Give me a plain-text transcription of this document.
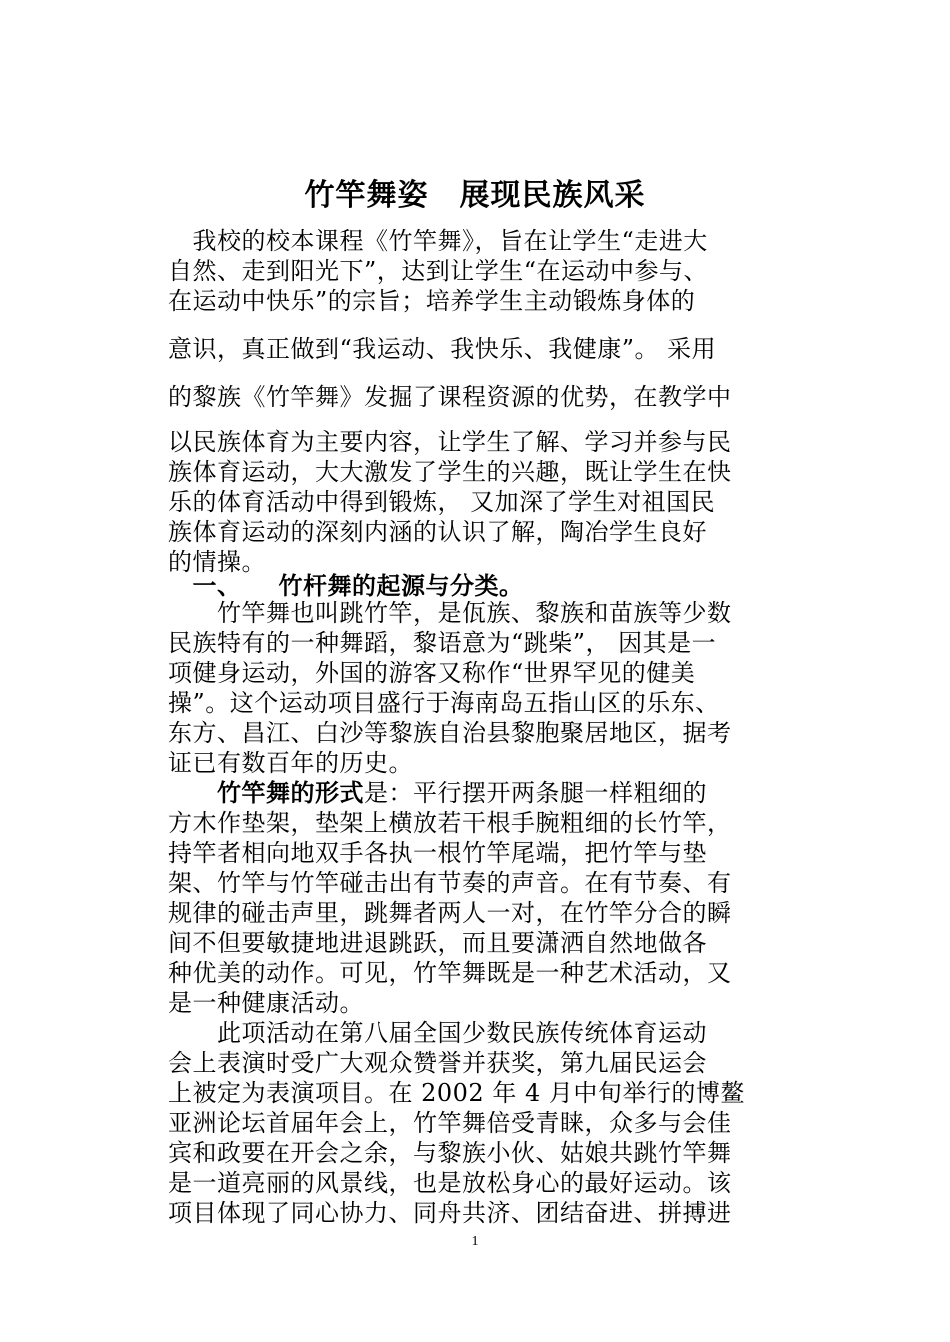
竹竿舞姿　展现民族风采
　我校的校本课程《竹竿舞》，旨在让学生“走进大
自然、走到阳光下”，达到让学生“在运动中参与、
在运动中快乐”的宗旨；培养学生主动锻炼身体的
意识，真正做到“我运动、我快乐、我健康”。 采用
的黎族《竹竿舞》发掘了课程资源的优势，在教学中
以民族体育为主要内容，让学生了解、学习并参与民
族体育运动，大大激发了学生的兴趣，既让学生在快
乐的体育活动中得到锻炼， 又加深了学生对祖国民
族体育运动的深刻内涵的认识了解，陶冶学生良好
的情操。
　一、　　竹杆舞的起源与分类。
　　竹竿舞也叫跳竹竿，是佤族、黎族和苗族等少数
民族特有的一种舞蹈，黎语意为“跳柴”， 因其是一
项健身运动，外国的游客又称作“世界罕见的健美
操”。这个运动项目盛行于海南岛五指山区的乐东、
东方、昌江、白沙等黎族自治县黎胞聚居地区，据考
证已有数百年的历史。
　　竹竿舞的形式是：平行摆开两条腿一样粗细的
方木作垫架，垫架上横放若干根手腕粗细的长竹竿，
持竿者相向地双手各执一根竹竿尾端，把竹竿与垫
架、竹竿与竹竿碰击出有节奏的声音。在有节奏、有
规律的碰击声里，跳舞者两人一对，在竹竿分合的瞬
间不但要敏捷地进退跳跃，而且要潇洒自然地做各
种优美的动作。可见，竹竿舞既是一种艺术活动，又
是一种健康活动。
　　此项活动在第八届全国少数民族传统体育运动
会上表演时受广大观众赞誉并获奖，第九届民运会
上被定为表演项目。在 2002 年 4 月中旬举行的博鳌
亚洲论坛首届年会上，竹竿舞倍受青睐，众多与会佳
宾和政要在开会之余，与黎族小伙、姑娘共跳竹竿舞
是一道亮丽的风景线，也是放松身心的最好运动。该
项目体现了同心协力、同舟共济、团结奋进、拼搏进
1
